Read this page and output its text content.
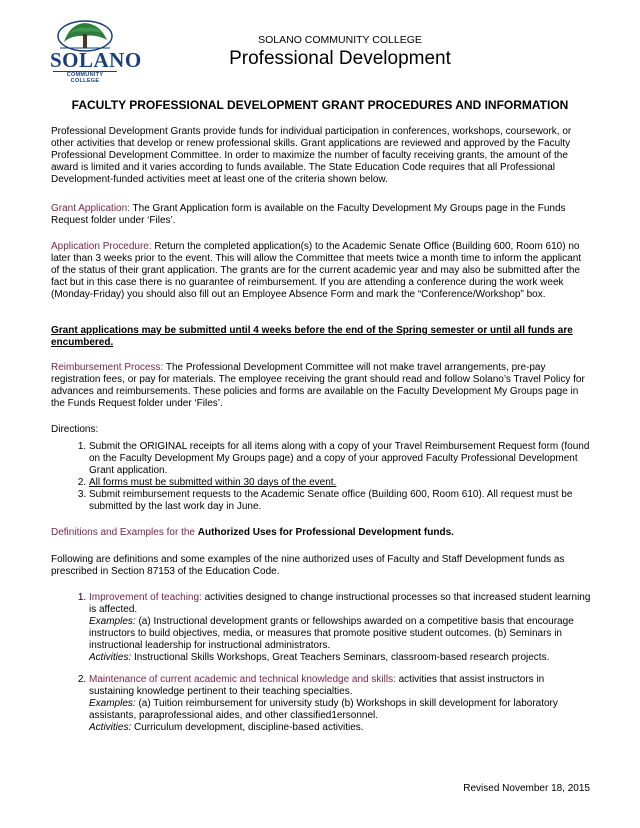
SOLANO
COMMUNITY COLLEGE
SOLANO COMMUNITY COLLEGE
Professional Development
FACULTY PROFESSIONAL DEVELOPMENT GRANT PROCEDURES AND INFORMATION
Professional Development Grants provide funds for individual participation in conferences, workshops, coursework, or other activities that develop or renew professional skills. Grant applications are reviewed and approved by the Faculty Professional Development Committee. In order to maximize the number of faculty receiving grants, the amount of the award is limited and it varies according to funds available. The State Education Code requires that all Professional Development-funded activities meet at least one of the criteria shown below.
Grant Application: The Grant Application form is available on the Faculty Development My Groups page in the Funds Request folder under ‘Files’.
Application Procedure: Return the completed application(s) to the Academic Senate Office (Building 600, Room 610) no later than 3 weeks prior to the event. This will allow the Committee that meets twice a month time to inform the applicant of the status of their grant application. The grants are for the current academic year and may also be submitted after the fact but in this case there is no guarantee of reimbursement. If you are attending a conference during the work week (Monday-Friday) you should also fill out an Employee Absence Form and mark the “Conference/Workshop” box.
Grant applications may be submitted until 4 weeks before the end of the Spring semester or until all funds are encumbered.
Reimbursement Process: The Professional Development Committee will not make travel arrangements, pre-pay registration fees, or pay for materials. The employee receiving the grant should read and follow Solano’s Travel Policy for advances and reimbursements. These policies and forms are available on the Faculty Development My Groups page in the Funds Request folder under ‘Files’.
Directions:
1. Submit the ORIGINAL receipts for all items along with a copy of your Travel Reimbursement Request form (found on the Faculty Development My Groups page) and a copy of your approved Faculty Professional Development Grant application.
2. All forms must be submitted within 30 days of the event.
3. Submit reimbursement requests to the Academic Senate office (Building 600, Room 610). All request must be submitted by the last work day in June.
Definitions and Examples for the Authorized Uses for Professional Development funds.
Following are definitions and some examples of the nine authorized uses of Faculty and Staff Development funds as prescribed in Section 87153 of the Education Code.
1. Improvement of teaching: activities designed to change instructional processes so that increased student learning is affected.
Examples: (a) Instructional development grants or fellowships awarded on a competitive basis that encourage instructors to build objectives, media, or measures that promote positive student outcomes. (b) Seminars in instructional leadership for instructional administrators.
Activities: Instructional Skills Workshops, Great Teachers Seminars, classroom-based research projects.
2. Maintenance of current academic and technical knowledge and skills: activities that assist instructors in sustaining knowledge pertinent to their teaching specialties.
Examples: (a) Tuition reimbursement for university study (b) Workshops in skill development for laboratory assistants, paraprofessional aides, and other classified1ersonnel.
Activities: Curriculum development, discipline-based activities.
Revised November 18, 2015
